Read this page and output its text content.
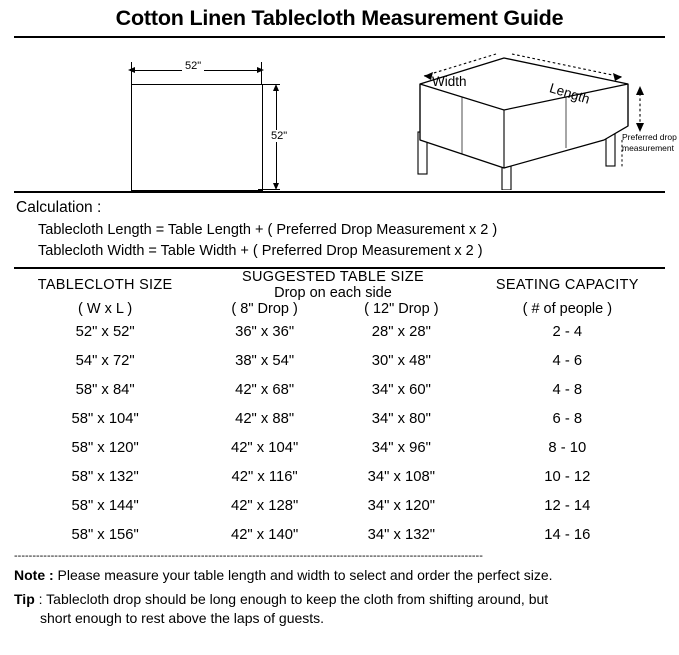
Cotton Linen Tablecloth Measurement Guide
52"
52"
Width	Length
Preferred drop measurement
Calculation :
Tablecloth Length = Table Length + ( Preferred Drop Measurement x 2 )
Tablecloth Width = Table Width + ( Preferred Drop Measurement x 2 )
TABLECLOTH SIZE	SUGGESTED TABLE SIZE		SEATING CAPACITY
	Drop on each side		
( W x L )	( 8" Drop )	( 12" Drop )	( # of people )
52" x 52"	36" x 36"	28" x 28"	2 - 4
54" x 72"	38" x 54"	30" x 48"	4 - 6
58" x 84"	42" x 68"	34" x 60"	4 - 8
58" x 104"	42" x 88"	34" x 80"	6 - 8
58" x 120"	42" x 104"	34" x 96"	8 - 10
58" x 132"	42" x 116"	34" x 108"	10 - 12
58" x 144"	42" x 128"	34" x 120"	12 - 14
58" x 156"	42" x 140"	34" x 132"	14 - 16
--------------------------------------------------------------------------------------------------------------------------------
Note : Please measure your table length and width to select and order the perfect size.
Tip : Tablecloth drop should be long enough to keep the cloth from shifting around, but
short enough to rest above the laps of guests.
